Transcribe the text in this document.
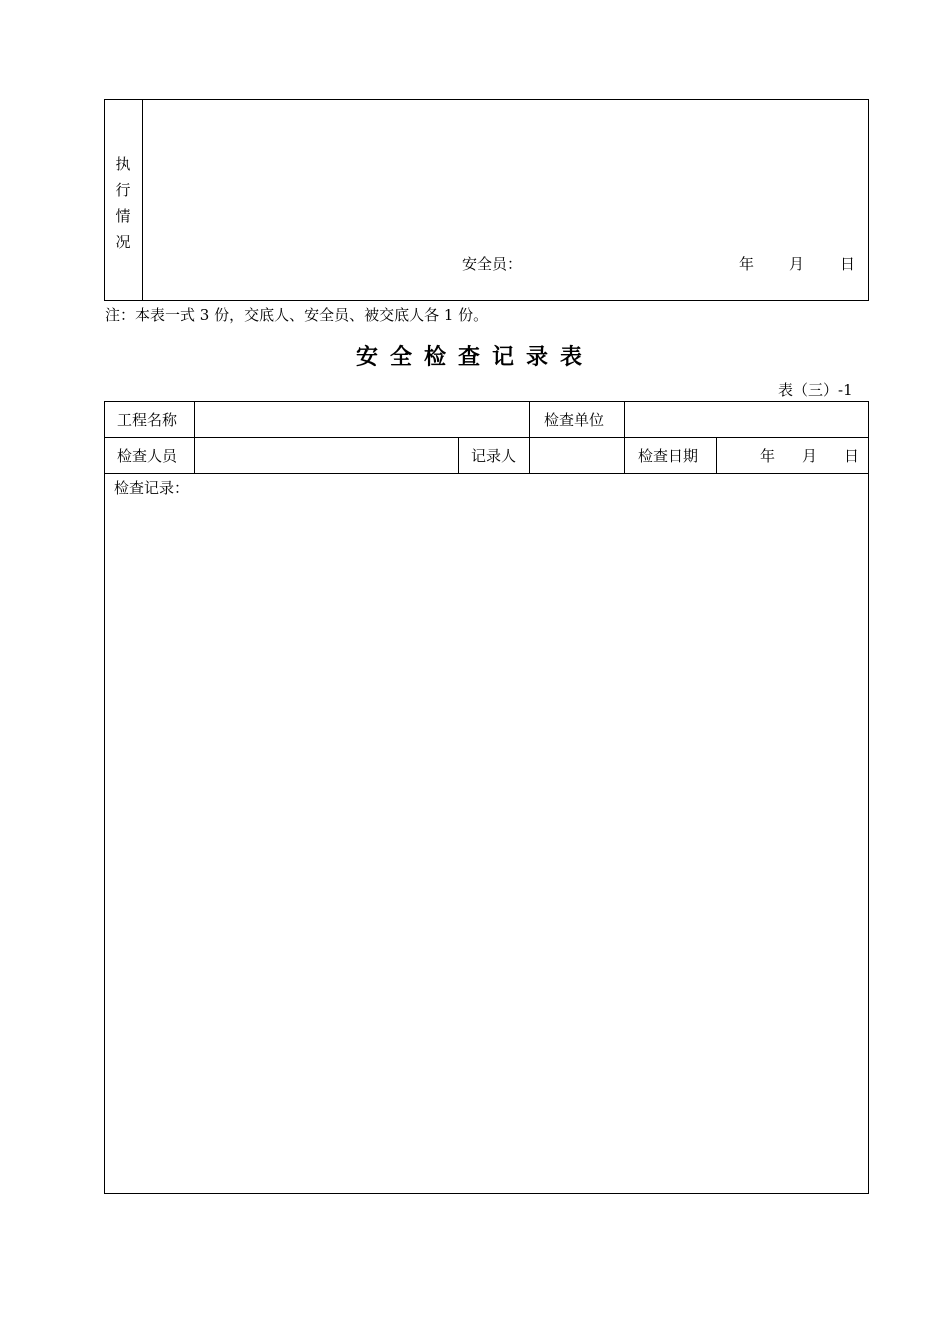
执
行
情
况
安全员：	年 月 日
注：本表一式 3 份，交底人、安全员、被交底人各 1 份。
安全检查记录表
表（三）-1
工程名称	检查单位
检查人员	记录人	检查日期	年 月 日
检查记录：
